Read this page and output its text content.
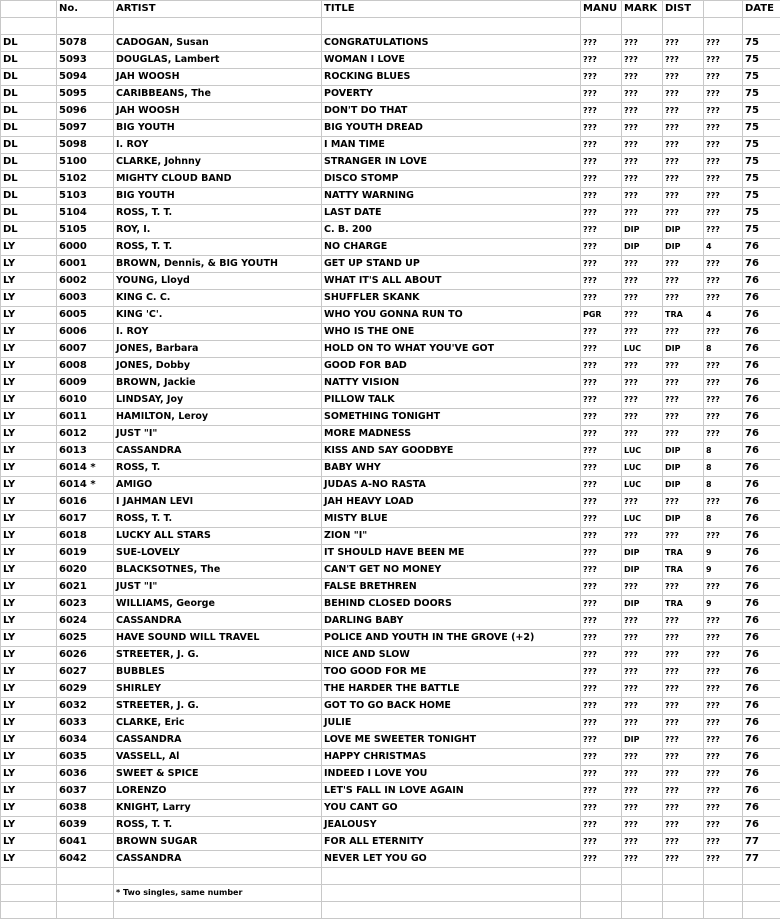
	No.	ARTIST	TITLE	MANU	MARK	DIST		DATE

DL	5078	CADOGAN, Susan	CONGRATULATIONS	???	???	???	???	75
DL	5093	DOUGLAS, Lambert	WOMAN I LOVE	???	???	???	???	75
DL	5094	JAH WOOSH	ROCKING BLUES	???	???	???	???	75
DL	5095	CARIBBEANS, The	POVERTY	???	???	???	???	75
DL	5096	JAH WOOSH	DON'T DO THAT	???	???	???	???	75
DL	5097	BIG YOUTH	BIG YOUTH DREAD	???	???	???	???	75
DL	5098	I. ROY	I MAN TIME	???	???	???	???	75
DL	5100	CLARKE, Johnny	STRANGER IN LOVE	???	???	???	???	75
DL	5102	MIGHTY CLOUD BAND	DISCO STOMP	???	???	???	???	75
DL	5103	BIG YOUTH	NATTY WARNING	???	???	???	???	75
DL	5104	ROSS, T. T.	LAST DATE	???	???	???	???	75
DL	5105	ROY, I.	C. B. 200	???	DIP	DIP	???	75
LY	6000	ROSS, T. T.	NO CHARGE	???	DIP	DIP	4	76
LY	6001	BROWN, Dennis, & BIG YOUTH	GET UP STAND UP	???	???	???	???	76
LY	6002	YOUNG, Lloyd	WHAT IT'S ALL ABOUT	???	???	???	???	76
LY	6003	KING C. C.	SHUFFLER SKANK	???	???	???	???	76
LY	6005	KING 'C'.	WHO YOU GONNA RUN TO	PGR	???	TRA	4	76
LY	6006	I. ROY	WHO IS THE ONE	???	???	???	???	76
LY	6007	JONES, Barbara	HOLD ON TO WHAT YOU'VE GOT	???	LUC	DIP	8	76
LY	6008	JONES, Dobby	GOOD FOR BAD	???	???	???	???	76
LY	6009	BROWN, Jackie	NATTY VISION	???	???	???	???	76
LY	6010	LINDSAY, Joy	PILLOW TALK	???	???	???	???	76
LY	6011	HAMILTON, Leroy	SOMETHING TONIGHT	???	???	???	???	76
LY	6012	JUST "I"	MORE MADNESS	???	???	???	???	76
LY	6013	CASSANDRA	KISS AND SAY GOODBYE	???	LUC	DIP	8	76
LY	6014 *	ROSS, T.	BABY WHY	???	LUC	DIP	8	76
LY	6014 *	AMIGO	JUDAS A-NO RASTA	???	LUC	DIP	8	76
LY	6016	I JAHMAN LEVI	JAH HEAVY LOAD	???	???	???	???	76
LY	6017	ROSS, T. T.	MISTY BLUE	???	LUC	DIP	8	76
LY	6018	LUCKY ALL STARS	ZION "I"	???	???	???	???	76
LY	6019	SUE-LOVELY	IT SHOULD HAVE BEEN ME	???	DIP	TRA	9	76
LY	6020	BLACKSOTNES, The	CAN'T GET NO MONEY	???	DIP	TRA	9	76
LY	6021	JUST "I"	FALSE BRETHREN	???	???	???	???	76
LY	6023	WILLIAMS, George	BEHIND CLOSED DOORS	???	DIP	TRA	9	76
LY	6024	CASSANDRA	DARLING BABY	???	???	???	???	76
LY	6025	HAVE SOUND WILL TRAVEL	POLICE AND YOUTH IN THE GROVE (+2)	???	???	???	???	76
LY	6026	STREETER, J. G.	NICE AND SLOW	???	???	???	???	76
LY	6027	BUBBLES	TOO GOOD FOR ME	???	???	???	???	76
LY	6029	SHIRLEY	THE HARDER THE BATTLE	???	???	???	???	76
LY	6032	STREETER, J. G.	GOT TO GO BACK HOME	???	???	???	???	76
LY	6033	CLARKE, Eric	JULIE	???	???	???	???	76
LY	6034	CASSANDRA	LOVE ME SWEETER TONIGHT	???	DIP	???	???	76
LY	6035	VASSELL, Al	HAPPY CHRISTMAS	???	???	???	???	76
LY	6036	SWEET & SPICE	INDEED I LOVE YOU	???	???	???	???	76
LY	6037	LORENZO	LET'S FALL IN LOVE AGAIN	???	???	???	???	76
LY	6038	KNIGHT, Larry	YOU CANT GO	???	???	???	???	76
LY	6039	ROSS, T. T.	JEALOUSY	???	???	???	???	76
LY	6041	BROWN SUGAR	FOR ALL ETERNITY	???	???	???	???	77
LY	6042	CASSANDRA	NEVER LET YOU GO	???	???	???	???	77

		* Two singles, same number						
